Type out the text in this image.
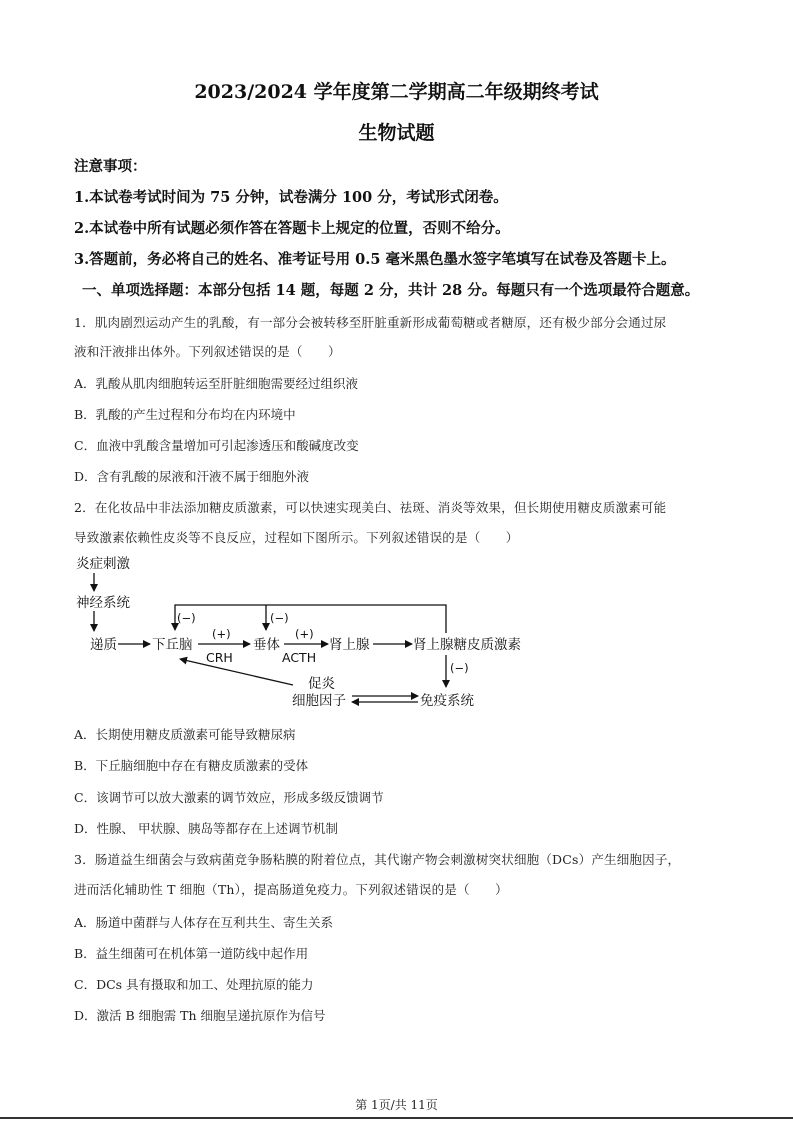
2023/2024 学年度第二学期高二年级期终考试
生物试题
注意事项：
1.本试卷考试时间为 75 分钟，试卷满分 100 分，考试形式闭卷。
2.本试卷中所有试题必须作答在答题卡上规定的位置，否则不给分。
3.答题前，务必将自己的姓名、准考证号用 0.5 毫米黑色墨水签字笔填写在试卷及答题卡上。
一、单项选择题：本部分包括 14 题，每题 2 分，共计 28 分。每题只有一个选项最符合题意。
1．肌肉剧烈运动产生的乳酸，有一部分会被转移至肝脏重新形成葡萄糖或者糖原，还有极少部分会通过尿
液和汗液排出体外。下列叙述错误的是（　　）
A．乳酸从肌肉细胞转运至肝脏细胞需要经过组织液
B．乳酸的产生过程和分布均在内环境中
C．血液中乳酸含量增加可引起渗透压和酸碱度改变
D．含有乳酸的尿液和汗液不属于细胞外液
2．在化妆品中非法添加糖皮质激素，可以快速实现美白、祛斑、消炎等效果，但长期使用糖皮质激素可能
导致激素依赖性皮炎等不良反应，过程如下图所示。下列叙述错误的是（　　）
炎症刺激
神经系统
递质	下丘脑	垂体	肾上腺	肾上腺糖皮质激素
CRH	ACTH
(+)	(+)
(−)	(−)
(−)
促炎
细胞因子	免疫系统
A．长期使用糖皮质激素可能导致糖尿病
B．下丘脑细胞中存在有糖皮质激素的受体
C．该调节可以放大激素的调节效应，形成多级反馈调节
D．性腺、 甲状腺、胰岛等都存在上述调节机制
3．肠道益生细菌会与致病菌竞争肠粘膜的附着位点，其代谢产物会刺激树突状细胞（DCs）产生细胞因子，
进而活化辅助性 T 细胞（Th），提高肠道免疫力。下列叙述错误的是（　　）
A．肠道中菌群与人体存在互利共生、寄生关系
B．益生细菌可在机体第一道防线中起作用
C．DCs 具有摄取和加工、处理抗原的能力
D．激活 B 细胞需 Th 细胞呈递抗原作为信号
第 1页/共 11页
